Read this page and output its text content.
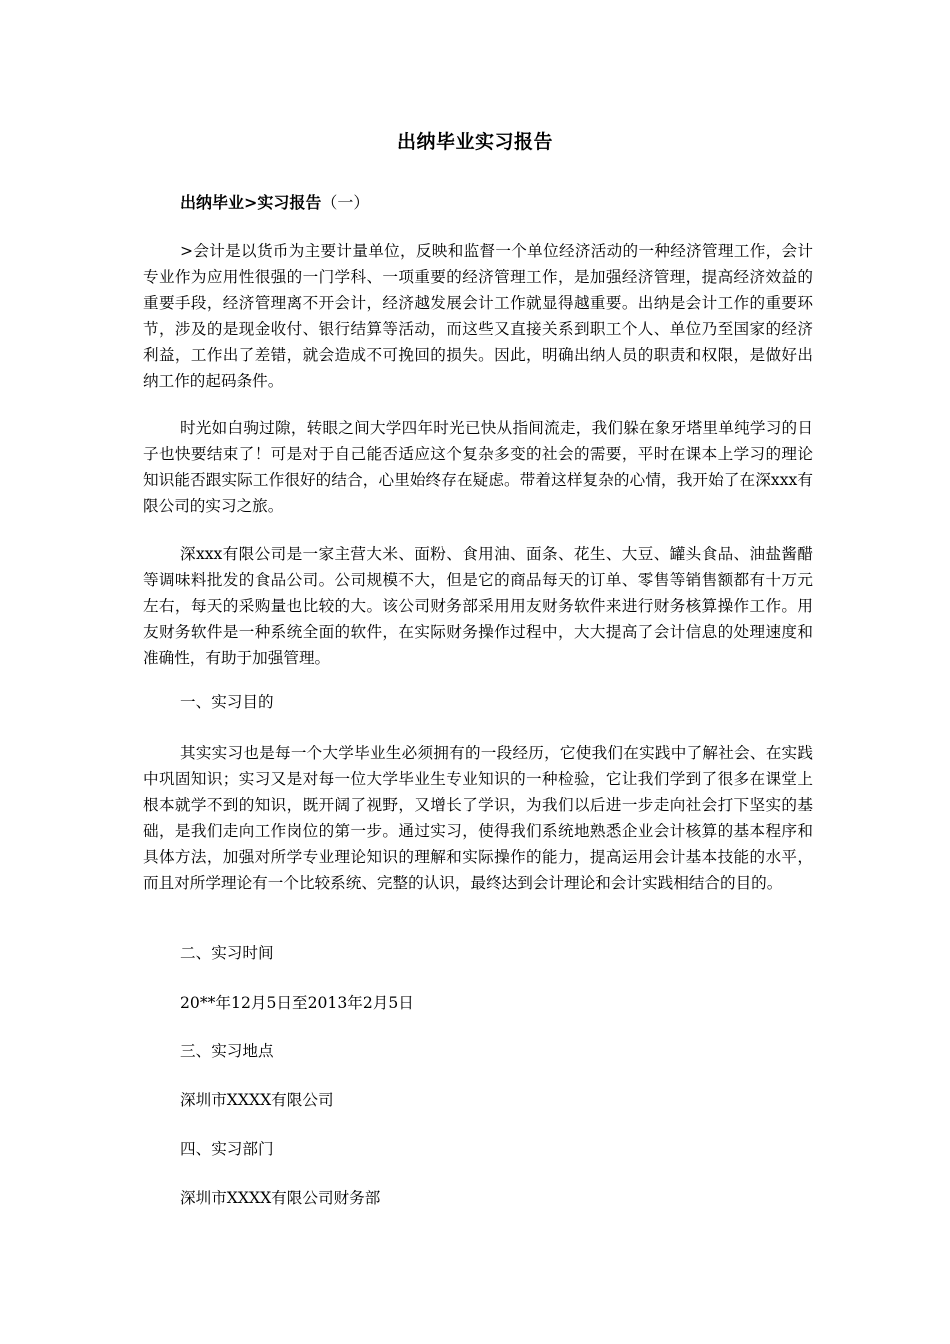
出纳毕业实习报告
出纳毕业>实习报告（一）

>会计是以货币为主要计量单位，反映和监督一个单位经济活动的一种经济管理工作，会计专业作为应用性很强的一门学科、一项重要的经济管理工作，是加强经济管理，提高经济效益的重要手段，经济管理离不开会计，经济越发展会计工作就显得越重要。出纳是会计工作的重要环节，涉及的是现金收付、银行结算等活动，而这些又直接关系到职工个人、单位乃至国家的经济利益，工作出了差错，就会造成不可挽回的损失。因此，明确出纳人员的职责和权限，是做好出纳工作的起码条件。

时光如白驹过隙，转眼之间大学四年时光已快从指间流走，我们躲在象牙塔里单纯学习的日子也快要结束了！可是对于自己能否适应这个复杂多变的社会的需要，平时在课本上学习的理论知识能否跟实际工作很好的结合，心里始终存在疑虑。带着这样复杂的心情，我开始了在深xxx有限公司的实习之旅。

深xxx有限公司是一家主营大米、面粉、食用油、面条、花生、大豆、罐头食品、油盐酱醋等调味料批发的食品公司。公司规模不大，但是它的商品每天的订单、零售等销售额都有十万元左右，每天的采购量也比较的大。该公司财务部采用用友财务软件来进行财务核算操作工作。用友财务软件是一种系统全面的软件，在实际财务操作过程中，大大提高了会计信息的处理速度和准确性，有助于加强管理。

一、实习目的

其实实习也是每一个大学毕业生必须拥有的一段经历，它使我们在实践中了解社会、在实践中巩固知识；实习又是对每一位大学毕业生专业知识的一种检验，它让我们学到了很多在课堂上根本就学不到的知识，既开阔了视野，又增长了学识，为我们以后进一步走向社会打下坚实的基础，是我们走向工作岗位的第一步。通过实习，使得我们系统地熟悉企业会计核算的基本程序和具体方法，加强对所学专业理论知识的理解和实际操作的能力，提高运用会计基本技能的水平，而且对所学理论有一个比较系统、完整的认识，最终达到会计理论和会计实践相结合的目的。

二、实习时间

20**年12月5日至2013年2月5日

三、实习地点

深圳市XXXX有限公司

四、实习部门

深圳市XXXX有限公司财务部
